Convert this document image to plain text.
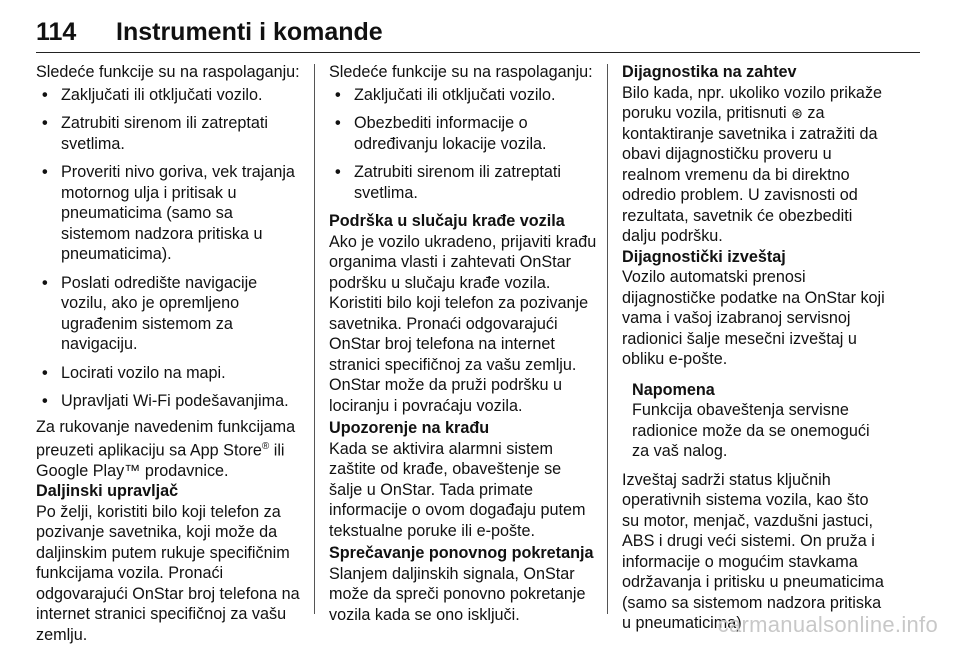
114	Instrumenti i komande

Sledeće funkcije su na raspolaganju:

• Zaključati ili otključati vozilo.
• Zatrubiti sirenom ili zatreptati svetlima.
• Proveriti nivo goriva, vek trajanja motornog ulja i pritisak u pneumaticima (samo sa sistemom nadzora pritiska u pneumaticima).
• Poslati odredište navigacije vozilu, ako je opremljeno ugrađenim sistemom za navigaciju.
• Locirati vozilo na mapi.
• Upravljati Wi-Fi podešavanjima.

Za rukovanje navedenim funkcijama preuzeti aplikaciju sa App Store® ili Google Play™ prodavnice.

Daljinski upravljač

Po želji, koristiti bilo koji telefon za pozivanje savetnika, koji može da daljinskim putem rukuje specifičnim funkcijama vozila. Pronaći odgovarajući OnStar broj telefona na internet stranici specifičnoj za vašu zemlju.

Sledeće funkcije su na raspolaganju:

• Zaključati ili otključati vozilo.
• Obezbediti informacije o određivanju lokacije vozila.
• Zatrubiti sirenom ili zatreptati svetlima.

Podrška u slučaju krađe vozila

Ako je vozilo ukradeno, prijaviti krađu organima vlasti i zahtevati OnStar podršku u slučaju krađe vozila. Koristiti bilo koji telefon za pozivanje savetnika. Pronaći odgovarajući OnStar broj telefona na internet stranici specifičnoj za vašu zemlju.

OnStar može da pruži podršku u lociranju i povraćaju vozila.

Upozorenje na krađu

Kada se aktivira alarmni sistem zaštite od krađe, obaveštenje se šalje u OnStar. Tada primate informacije o ovom događaju putem tekstualne poruke ili e-pošte.

Sprečavanje ponovnog pokretanja

Slanjem daljinskih signala, OnStar može da spreči ponovno pokretanje vozila kada se ono isključi.

Dijagnostika na zahtev

Bilo kada, npr. ukoliko vozilo prikaže poruku vozila, pritisnuti ⊛ za kontaktiranje savetnika i zatražiti da obavi dijagnostičku proveru u realnom vremenu da bi direktno odredio problem. U zavisnosti od rezultata, savetnik će obezbediti dalju podršku.

Dijagnostički izveštaj

Vozilo automatski prenosi dijagnostičke podatke na OnStar koji vama i vašoj izabranoj servisnoj radionici šalje mesečni izveštaj u obliku e-pošte.

Napomena

Funkcija obaveštenja servisne radionice može da se onemogući za vaš nalog.

Izveštaj sadrži status ključnih operativnih sistema vozila, kao što su motor, menjač, vazdušni jastuci, ABS i drugi veći sistemi. On pruža i informacije o mogućim stavkama održavanja i pritisku u pneumaticima (samo sa sistemom nadzora pritiska u pneumaticima).

carmanualsonline.info
